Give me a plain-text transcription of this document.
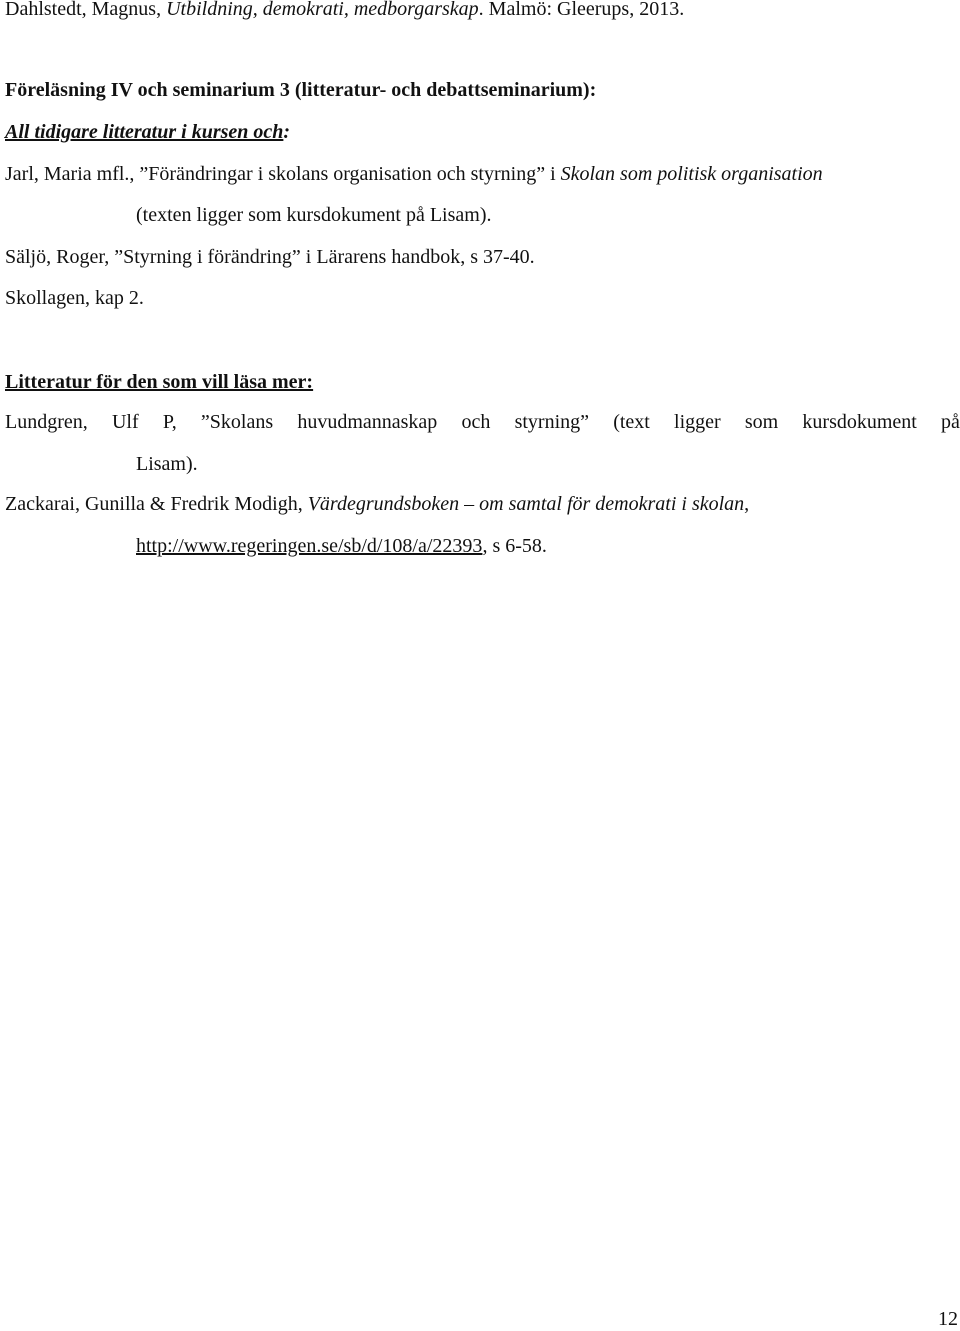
Dahlstedt, Magnus, Utbildning, demokrati, medborgarskap. Malmö: Gleerups, 2013.
Föreläsning IV och seminarium 3 (litteratur- och debattseminarium):
All tidigare litteratur i kursen och:
Jarl, Maria mfl., ”Förändringar i skolans organisation och styrning” i Skolan som politisk organisation
(texten ligger som kursdokument på Lisam).
Säljö, Roger, ”Styrning i förändring” i Lärarens handbok, s 37-40.
Skollagen, kap 2.
Litteratur för den som vill läsa mer:
Lundgren, Ulf P, ”Skolans huvudmannaskap och styrning” (text ligger som kursdokument på
Lisam).
Zackarai, Gunilla & Fredrik Modigh, Värdegrundsboken – om samtal för demokrati i skolan,
http://www.regeringen.se/sb/d/108/a/22393, s 6-58.
12
